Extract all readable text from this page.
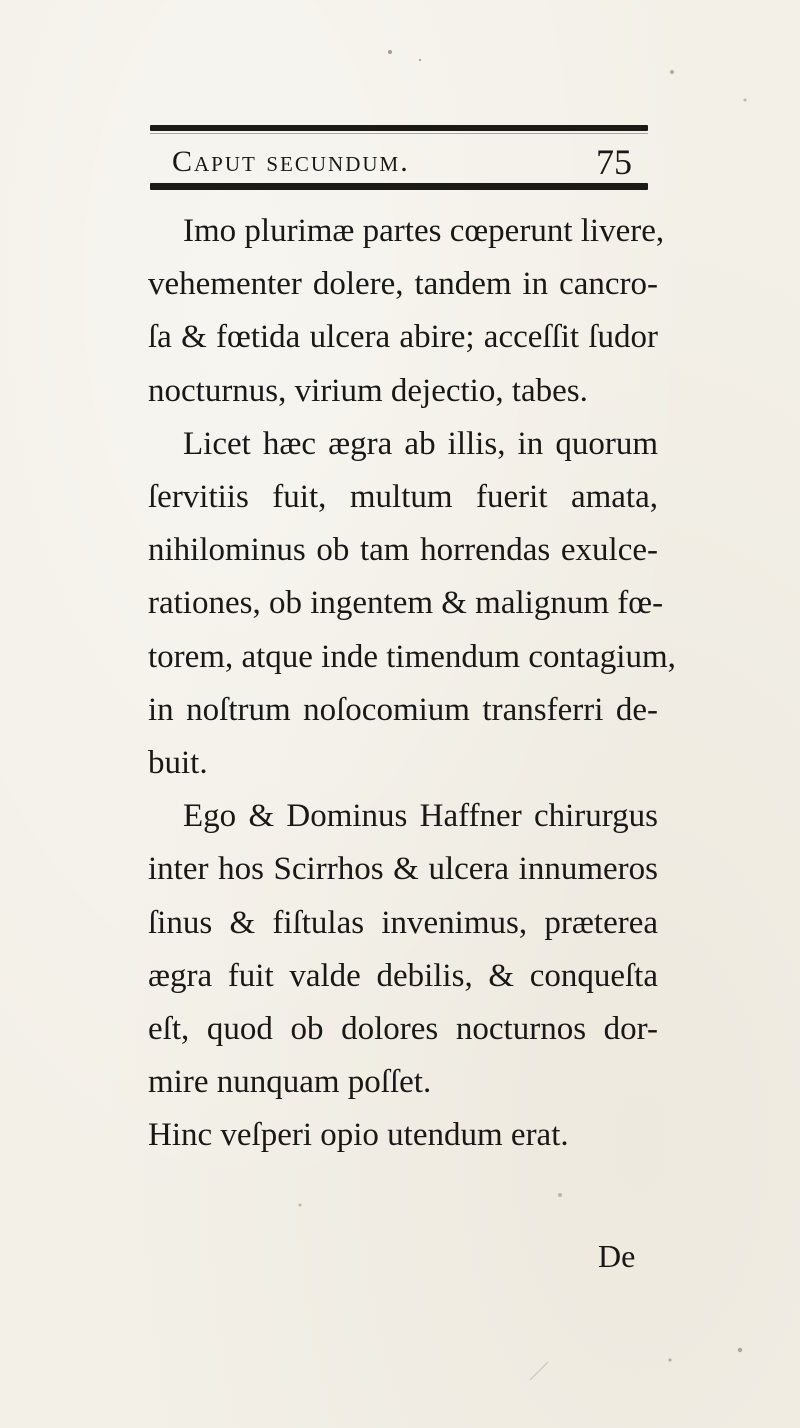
Caput secundum.	75
Imo plurimæ partes cœperunt livere,
vehementer dolere, tandem in cancro-
ſa & fœtida ulcera abire; acceſſit ſudor
nocturnus, virium dejectio, tabes.
Licet hæc ægra ab illis, in quorum
ſervitiis fuit, multum fuerit amata,
nihilominus ob tam horrendas exulce-
rationes, ob ingentem & malignum fœ-
torem, atque inde timendum contagium,
in noſtrum noſocomium transferri de-
buit.
Ego & Dominus Haffner chirurgus
inter hos Scirrhos & ulcera innumeros
ſinus & fiſtulas invenimus, præterea
ægra fuit valde debilis, & conqueſta
eſt, quod ob dolores nocturnos dor-
mire nunquam poſſet.
Hinc veſperi opio utendum erat.
De
